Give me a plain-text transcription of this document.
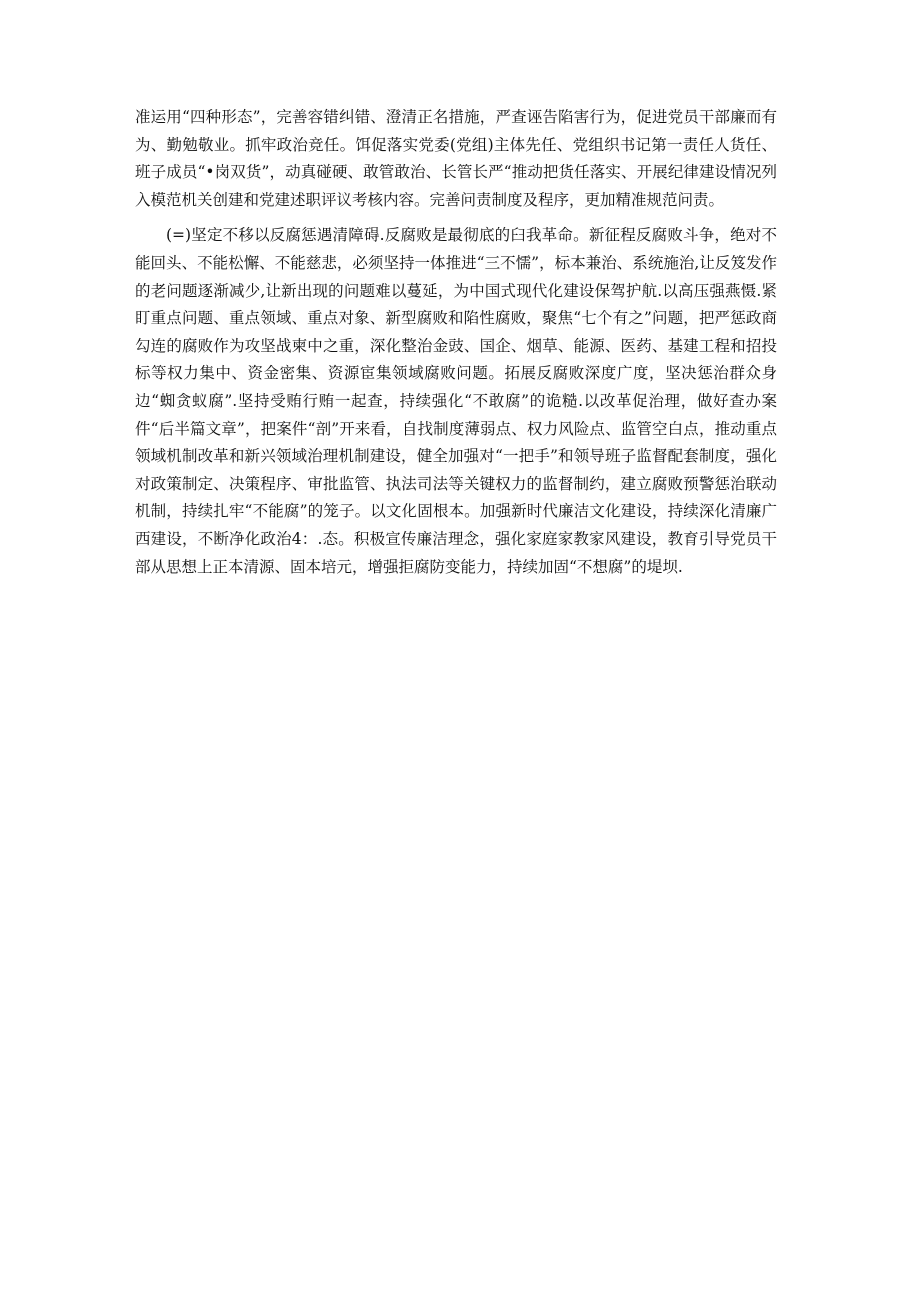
准运用“四种形态”，完善容错纠错、澄清正名措施，严查诬告陷害行为，促进党员干部廉而有为、勤勉敬业。抓牢政治竞任。饵促落实党委(党组)主体先任、党组织书记第一责任人货任、班子成员“•岗双货”，动真碰硬、敢管敢治、长管长严“推动把货任落实、开展纪律建设情况列入模范机关创建和党建述职评议考核内容。完善问责制度及程序，更加精准规范问责。

(=)坚定不移以反腐惩遇清障碍.反腐败是最彻底的臼我革命。新征程反腐败斗争，绝对不能回头、不能松懈、不能慈悲，必须坚持一体推进“三不懦”，标本兼治、系统施治,让反笈发作的老问题逐渐减少,让新出现的问题难以蔓延，为中国式现代化建设保驾护航.以高压强燕慑.紧盯重点问题、重点领域、重点对象、新型腐败和陷性腐败，聚焦“七个有之”问题，把严惩政商勾连的腐败作为攻坚战柬中之重，深化整治金豉、国企、烟草、能源、医药、基建工程和招投标等权力集中、资金密集、资源宦集领域腐败问题。拓展反腐败深度广度，坚决惩治群众身边“蜘贪蚁腐”.坚持受贿行贿一起查，持续强化“不敢腐”的诡糙.以改革促治理，做好查办案件“后半篇文章”，把案件“剖”开来看，自找制度薄弱点、权力风险点、监管空白点，推动重点领域机制改革和新兴领域治理机制建设，健全加强对“一把手”和领导班子监督配套制度，强化对政策制定、决策程序、审批监管、执法司法等关键权力的监督制约，建立腐败预警惩治联动机制，持续扎牢“不能腐”的笼子。以文化固根本。加强新时代廉洁文化建设，持续深化清廉广西建设，不断净化政治4：.态。积极宣传廉洁理念，强化家庭家教家风建设，教育引导党员干部从思想上正本清源、固本培元，增强拒腐防变能力，持续加固“不想腐”的堤坝.
